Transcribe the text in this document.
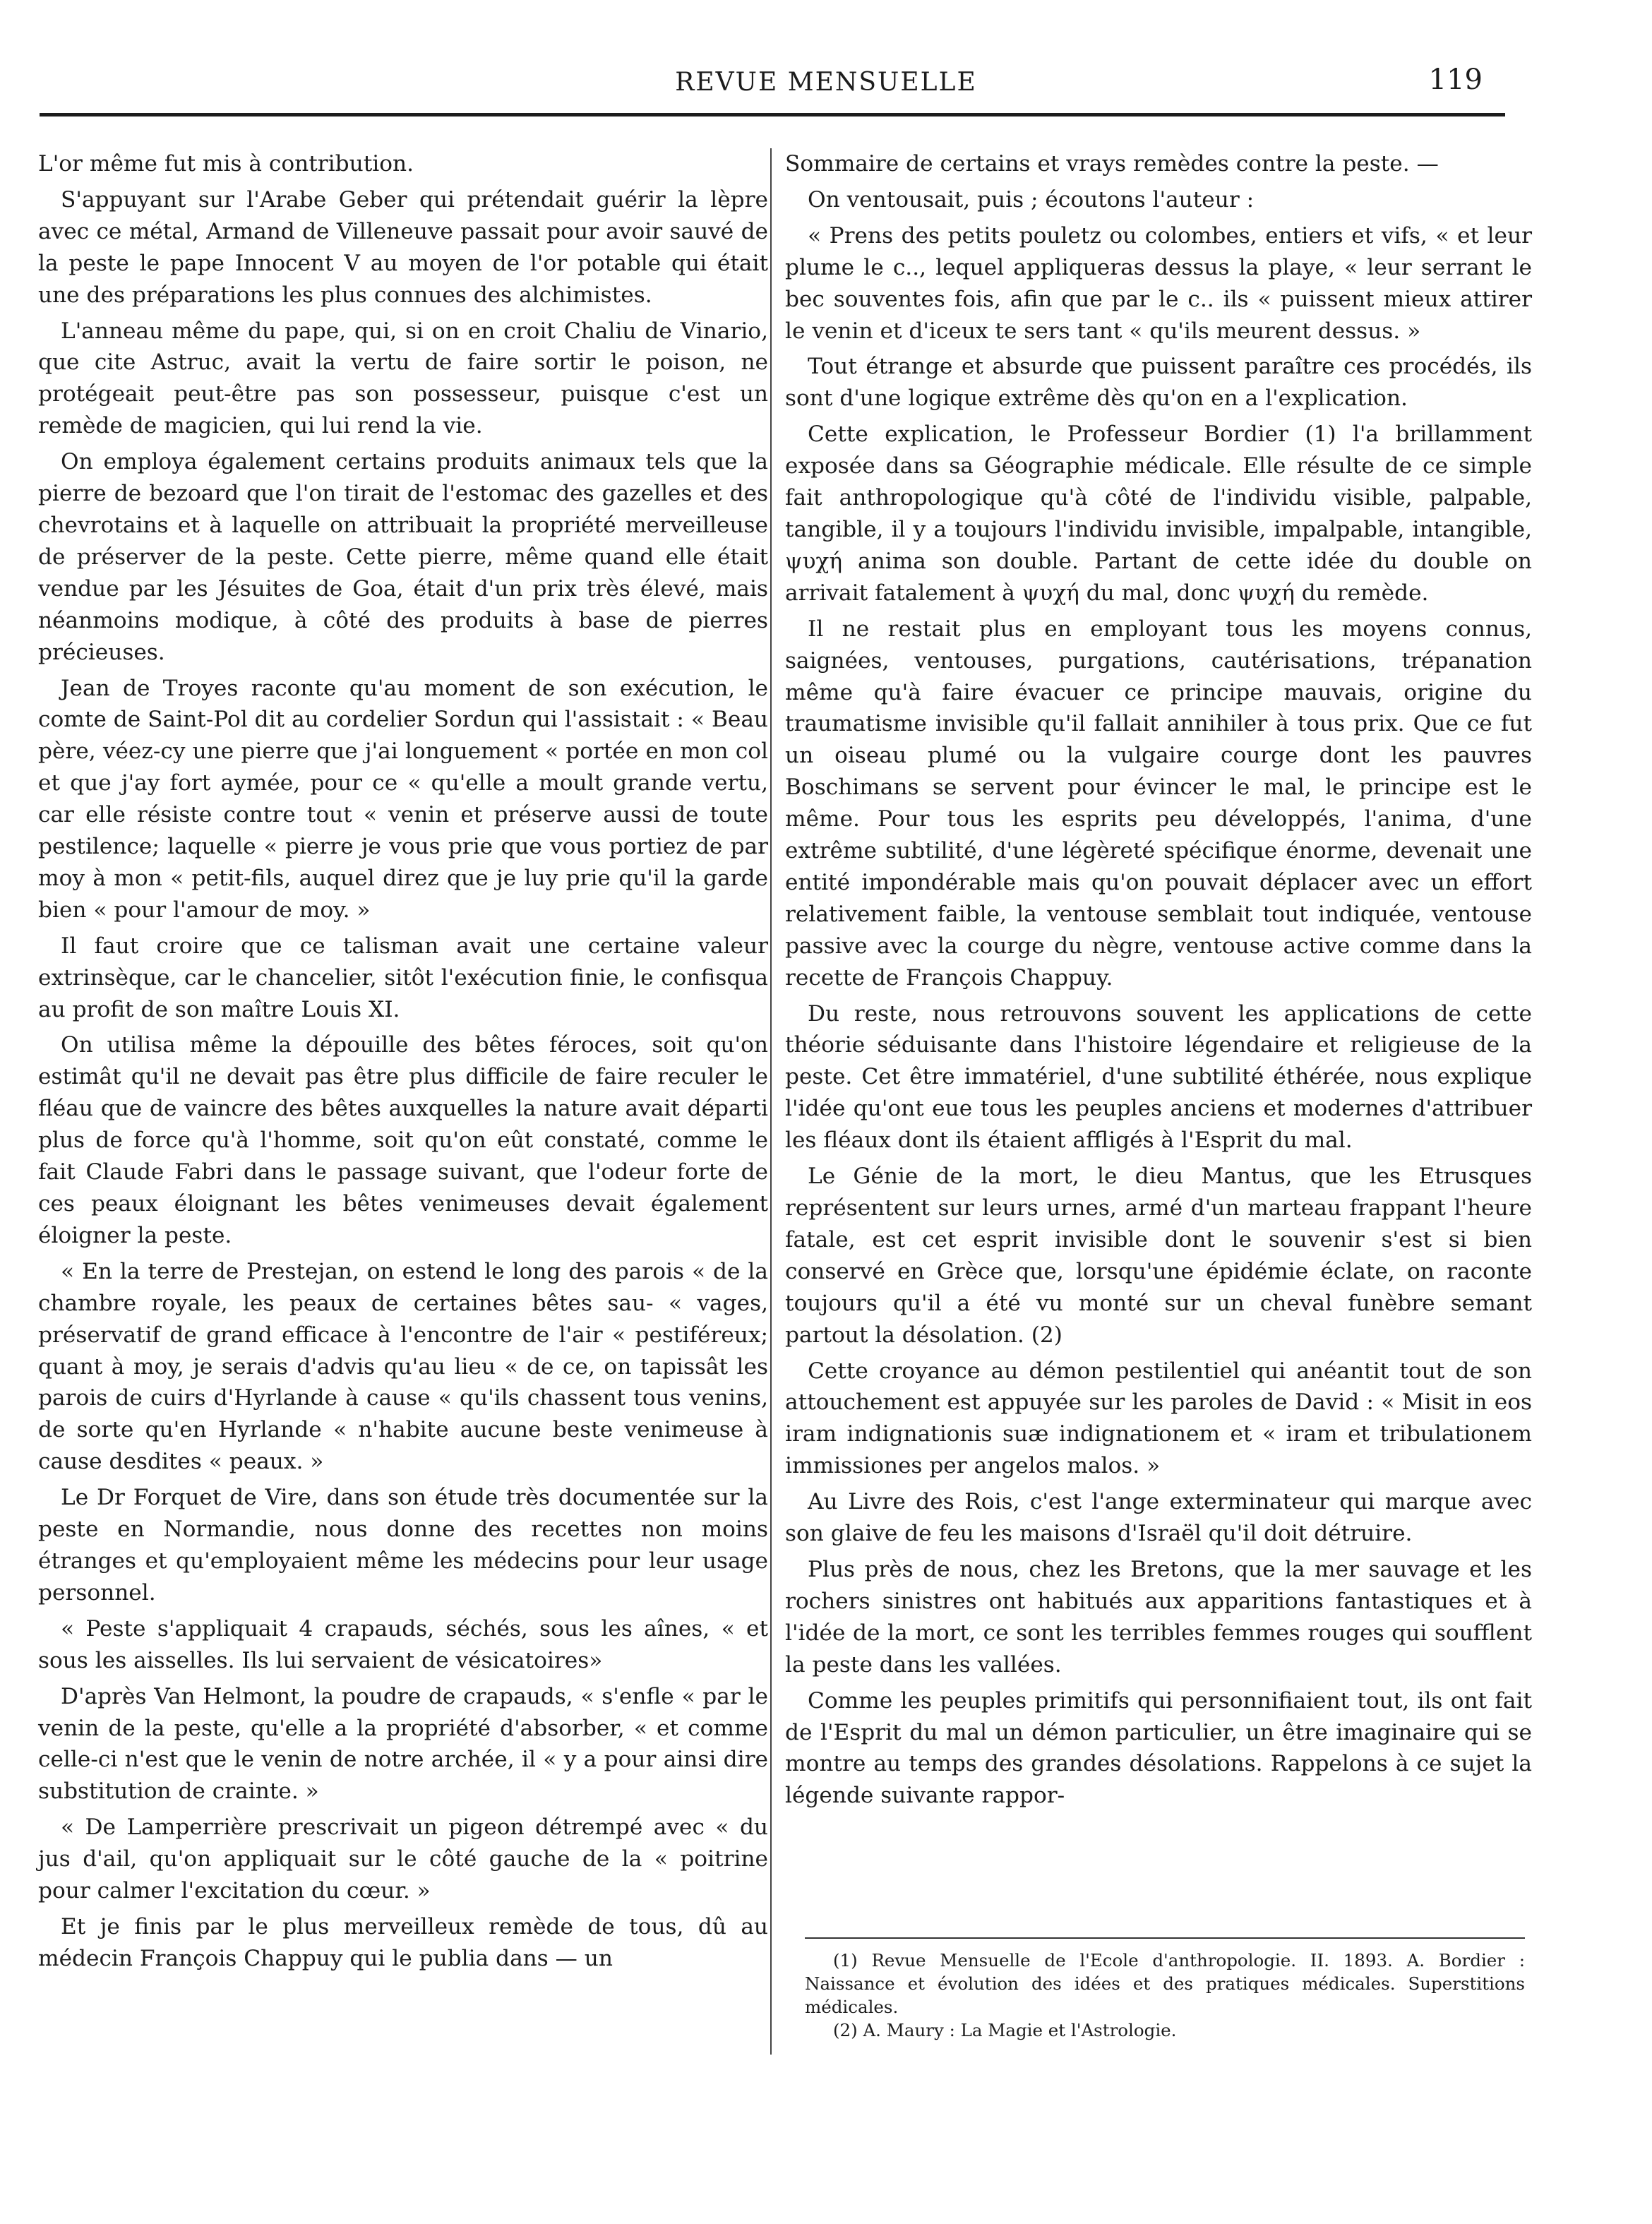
REVUE MENSUELLE	119

L'or même fut mis à contribution.

S'appuyant sur l'Arabe Geber qui prétendait guérir la lèpre avec ce métal, Armand de Villeneuve passait pour avoir sauvé de la peste le pape Innocent V au moyen de l'or potable qui était une des préparations les plus connues des alchimistes.

L'anneau même du pape, qui, si on en croit Chaliu de Vinario, que cite Astruc, avait la vertu de faire sortir le poison, ne protégeait peut-être pas son possesseur, puisque c'est un remède de magicien, qui lui rend la vie.

On employa également certains produits animaux tels que la pierre de bezoard que l'on tirait de l'estomac des gazelles et des chevrotains et à laquelle on attribuait la propriété merveilleuse de préserver de la peste. Cette pierre, même quand elle était vendue par les Jésuites de Goa, était d'un prix très élevé, mais néanmoins modique, à côté des produits à base de pierres précieuses.

Jean de Troyes raconte qu'au moment de son exécution, le comte de Saint-Pol dit au cordelier Sordun qui l'assistait : « Beau père, véez-cy une pierre que j'ai longuement « portée en mon col et que j'ay fort aymée, pour ce « qu'elle a moult grande vertu, car elle résiste contre tout « venin et préserve aussi de toute pestilence; laquelle « pierre je vous prie que vous portiez de par moy à mon « petit-fils, auquel direz que je luy prie qu'il la garde bien « pour l'amour de moy. »

Il faut croire que ce talisman avait une certaine valeur extrinsèque, car le chancelier, sitôt l'exécution finie, le confisqua au profit de son maître Louis XI.

On utilisa même la dépouille des bêtes féroces, soit qu'on estimât qu'il ne devait pas être plus difficile de faire reculer le fléau que de vaincre des bêtes auxquelles la nature avait départi plus de force qu'à l'homme, soit qu'on eût constaté, comme le fait Claude Fabri dans le passage suivant, que l'odeur forte de ces peaux éloignant les bêtes venimeuses devait également éloigner la peste.

« En la terre de Prestejan, on estend le long des parois « de la chambre royale, les peaux de certaines bêtes sau- « vages, préservatif de grand efficace à l'encontre de l'air « pestiféreux; quant à moy, je serais d'advis qu'au lieu « de ce, on tapissât les parois de cuirs d'Hyrlande à cause « qu'ils chassent tous venins, de sorte qu'en Hyrlande « n'habite aucune beste venimeuse à cause desdites « peaux. »

Le Dr Forquet de Vire, dans son étude très documentée sur la peste en Normandie, nous donne des recettes non moins étranges et qu'employaient même les médecins pour leur usage personnel.

« Peste s'appliquait 4 crapauds, séchés, sous les aînes, « et sous les aisselles. Ils lui servaient de vésicatoires»

D'après Van Helmont, la poudre de crapauds, « s'enfle « par le venin de la peste, qu'elle a la propriété d'absorber, « et comme celle-ci n'est que le venin de notre archée, il « y a pour ainsi dire substitution de crainte. »

« De Lamperrière prescrivait un pigeon détrempé avec « du jus d'ail, qu'on appliquait sur le côté gauche de la « poitrine pour calmer l'excitation du cœur. »

Et je finis par le plus merveilleux remède de tous, dû au médecin François Chappuy qui le publia dans — un

Sommaire de certains et vrays remèdes contre la peste. —

On ventousait, puis ; écoutons l'auteur :

« Prens des petits pouletz ou colombes, entiers et vifs, « et leur plume le c.., lequel appliqueras dessus la playe, « leur serrant le bec souventes fois, afin que par le c.. ils « puissent mieux attirer le venin et d'iceux te sers tant « qu'ils meurent dessus. »

Tout étrange et absurde que puissent paraître ces procédés, ils sont d'une logique extrême dès qu'on en a l'explication.

Cette explication, le Professeur Bordier (1) l'a brillamment exposée dans sa Géographie médicale. Elle résulte de ce simple fait anthropologique qu'à côté de l'individu visible, palpable, tangible, il y a toujours l'individu invisible, impalpable, intangible, ψυχή anima son double. Partant de cette idée du double on arrivait fatalement à ψυχή du mal, donc ψυχή du remède.

Il ne restait plus en employant tous les moyens connus, saignées, ventouses, purgations, cautérisations, trépanation même qu'à faire évacuer ce principe mauvais, origine du traumatisme invisible qu'il fallait annihiler à tous prix. Que ce fut un oiseau plumé ou la vulgaire courge dont les pauvres Boschimans se servent pour évincer le mal, le principe est le même. Pour tous les esprits peu développés, l'anima, d'une extrême subtilité, d'une légèreté spécifique énorme, devenait une entité impondérable mais qu'on pouvait déplacer avec un effort relativement faible, la ventouse semblait tout indiquée, ventouse passive avec la courge du nègre, ventouse active comme dans la recette de François Chappuy.

Du reste, nous retrouvons souvent les applications de cette théorie séduisante dans l'histoire légendaire et religieuse de la peste. Cet être immatériel, d'une subtilité éthérée, nous explique l'idée qu'ont eue tous les peuples anciens et modernes d'attribuer les fléaux dont ils étaient affligés à l'Esprit du mal.

Le Génie de la mort, le dieu Mantus, que les Etrusques représentent sur leurs urnes, armé d'un marteau frappant l'heure fatale, est cet esprit invisible dont le souvenir s'est si bien conservé en Grèce que, lorsqu'une épidémie éclate, on raconte toujours qu'il a été vu monté sur un cheval funèbre semant partout la désolation. (2)

Cette croyance au démon pestilentiel qui anéantit tout de son attouchement est appuyée sur les paroles de David : « Misit in eos iram indignationis suæ indignationem et « iram et tribulationem immissiones per angelos malos. »

Au Livre des Rois, c'est l'ange exterminateur qui marque avec son glaive de feu les maisons d'Israël qu'il doit détruire.

Plus près de nous, chez les Bretons, que la mer sauvage et les rochers sinistres ont habitués aux apparitions fantastiques et à l'idée de la mort, ce sont les terribles femmes rouges qui soufflent la peste dans les vallées.

Comme les peuples primitifs qui personnifiaient tout, ils ont fait de l'Esprit du mal un démon particulier, un être imaginaire qui se montre au temps des grandes désolations. Rappelons à ce sujet la légende suivante rappor-

(1) Revue Mensuelle de l'Ecole d'anthropologie. II. 1893. A. Bordier : Naissance et évolution des idées et des pratiques médicales. Superstitions médicales.

(2) A. Maury : La Magie et l'Astrologie.
